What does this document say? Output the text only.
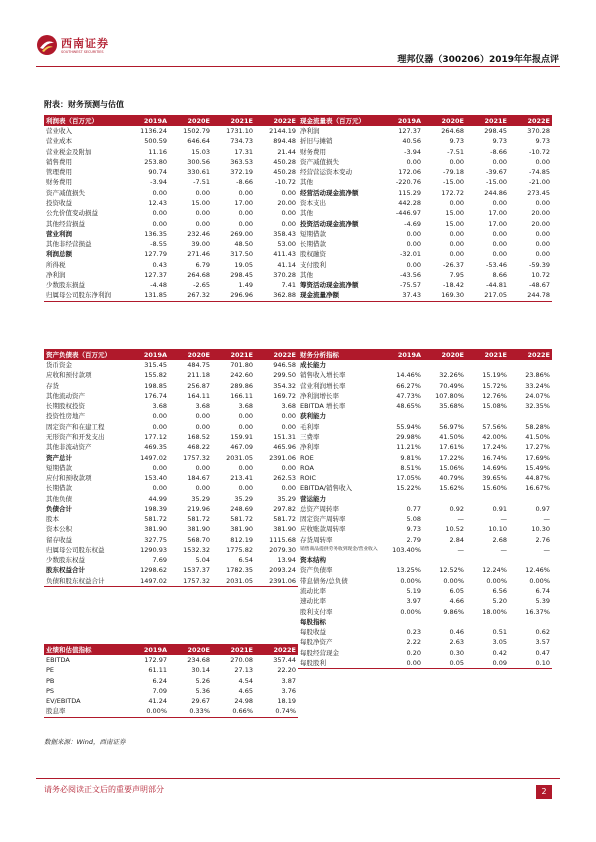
西南证券
SOUTHWEST SECURITIES
理邦仪器（300206）2019年年报点评
附表：财务预测与估值
利润表（百万元）	2019A	2020E	2021E	2022E
营业收入	1136.24	1502.79	1731.10	2144.19
营业成本	500.59	646.64	734.73	894.48
营业税金及附加	11.16	15.03	17.31	21.44
销售费用	253.80	300.56	363.53	450.28
管理费用	90.74	330.61	372.19	450.28
财务费用	-3.94	-7.51	-8.66	-10.72
资产减值损失	0.00	0.00	0.00	0.00
投资收益	12.43	15.00	17.00	20.00
公允价值变动损益	0.00	0.00	0.00	0.00
其他经营损益	0.00	0.00	0.00	0.00
营业利润	136.35	232.46	269.00	358.43
其他非经营损益	-8.55	39.00	48.50	53.00
利润总额	127.79	271.46	317.50	411.43
所得税	0.43	6.79	19.05	41.14
净利润	127.37	264.68	298.45	370.28
少数股东损益	-4.48	-2.65	1.49	7.41
归属母公司股东净利润	131.85	267.32	296.96	362.88
现金流量表（百万元）	2019A	2020E	2021E	2022E
净利润	127.37	264.68	298.45	370.28
折旧与摊销	40.56	9.73	9.73	9.73
财务费用	-3.94	-7.51	-8.66	-10.72
资产减值损失	0.00	0.00	0.00	0.00
经营营运资本变动	172.06	-79.18	-39.67	-74.85
其他	-220.76	-15.00	-15.00	-21.00
经营活动现金流净额	115.29	172.72	244.86	273.45
资本支出	442.28	0.00	0.00	0.00
其他	-446.97	15.00	17.00	20.00
投资活动现金流净额	-4.69	15.00	17.00	20.00
短期借款	0.00	0.00	0.00	0.00
长期借款	0.00	0.00	0.00	0.00
股权融资	-32.01	0.00	0.00	0.00
支付股利	0.00	-26.37	-53.46	-59.39
其他	-43.56	7.95	8.66	10.72
筹资活动现金流净额	-75.57	-18.42	-44.81	-48.67
现金流量净额	37.43	169.30	217.05	244.78
资产负债表（百万元）	2019A	2020E	2021E	2022E
货币资金	315.45	484.75	701.80	946.58
应收和预付款项	155.82	211.18	242.60	299.50
存货	198.85	256.87	289.86	354.32
其他流动资产	176.74	164.11	166.11	169.72
长期股权投资	3.68	3.68	3.68	3.68
投资性房地产	0.00	0.00	0.00	0.00
固定资产和在建工程	0.00	0.00	0.00	0.00
无形资产和开发支出	177.12	168.52	159.91	151.31
其他非流动资产	469.35	468.22	467.09	465.96
资产总计	1497.02	1757.32	2031.05	2391.06
短期借款	0.00	0.00	0.00	0.00
应付和预收款项	153.40	184.67	213.41	262.53
长期借款	0.00	0.00	0.00	0.00
其他负债	44.99	35.29	35.29	35.29
负债合计	198.39	219.96	248.69	297.82
股本	581.72	581.72	581.72	581.72
资本公积	381.90	381.90	381.90	381.90
留存收益	327.75	568.70	812.19	1115.68
归属母公司股东权益	1290.93	1532.32	1775.82	2079.30
少数股东权益	7.69	5.04	6.54	13.94
股东权益合计	1298.62	1537.37	1782.35	2093.24
负债和股东权益合计	1497.02	1757.32	2031.05	2391.06
财务分析指标	2019A	2020E	2021E	2022E
成长能力				
销售收入增长率	14.46%	32.26%	15.19%	23.86%
营业利润增长率	66.27%	70.49%	15.72%	33.24%
净利润增长率	47.73%	107.80%	12.76%	24.07%
EBITDA 增长率	48.65%	35.68%	15.08%	32.35%
获利能力				
毛利率	55.94%	56.97%	57.56%	58.28%
三费率	29.98%	41.50%	42.00%	41.50%
净利率	11.21%	17.61%	17.24%	17.27%
ROE	9.81%	17.22%	16.74%	17.69%
ROA	8.51%	15.06%	14.69%	15.49%
ROIC	17.05%	40.79%	39.65%	44.87%
EBITDA/销售收入	15.22%	15.62%	15.60%	16.67%
营运能力				
总资产周转率	0.77	0.92	0.91	0.97
固定资产周转率	5.08	—	—	—
应收账款周转率	9.73	10.52	10.10	10.30
存货周转率	2.79	2.84	2.68	2.76
销售商品提供劳务收到现金/营业收入	103.40%	—	—	—
资本结构				
资产负债率	13.25%	12.52%	12.24%	12.46%
带息债务/总负债	0.00%	0.00%	0.00%	0.00%
流动比率	5.19	6.05	6.56	6.74
速动比率	3.97	4.66	5.20	5.39
股利支付率	0.00%	9.86%	18.00%	16.37%
每股指标				
每股收益	0.23	0.46	0.51	0.62
每股净资产	2.22	2.63	3.05	3.57
每股经营现金	0.20	0.30	0.42	0.47
每股股利	0.00	0.05	0.09	0.10
业绩和估值指标	2019A	2020E	2021E	2022E
EBITDA	172.97	234.68	270.08	357.44
PE	61.11	30.14	27.13	22.20
PB	6.24	5.26	4.54	3.87
PS	7.09	5.36	4.65	3.76
EV/EBITDA	41.24	29.67	24.98	18.19
股息率	0.00%	0.33%	0.66%	0.74%
数据来源：Wind，西南证券
请务必阅读正文后的重要声明部分	2
